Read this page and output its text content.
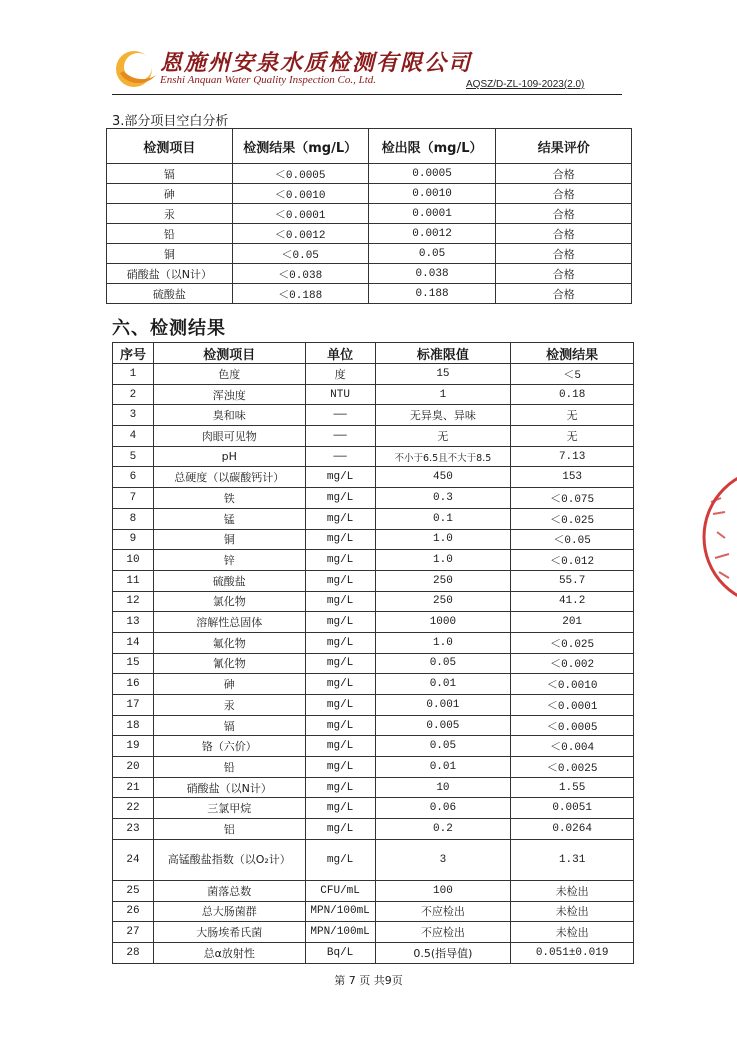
恩施州安泉水质检测有限公司
Enshi Anquan Water Quality Inspection Co., Ltd.	AQSZ/D-ZL-109-2023(2.0)
3.部分项目空白分析
检测项目	检测结果（mg/L）	检出限（mg/L）	结果评价
镉	＜0.0005	0.0005	合格
砷	＜0.0010	0.0010	合格
汞	＜0.0001	0.0001	合格
铅	＜0.0012	0.0012	合格
铜	＜0.05	0.05	合格
硝酸盐（以N计）	＜0.038	0.038	合格
硫酸盐	＜0.188	0.188	合格
六、检测结果
序号	检测项目	单位	标准限值	检测结果
1	色度	度	15	＜5
2	浑浊度	NTU	1	0.18
3	臭和味	——	无异臭、异味	无
4	肉眼可见物	——	无	无
5	pH	——	不小于6.5且不大于8.5	7.13
6	总硬度（以碳酸钙计）	mg/L	450	153
7	铁	mg/L	0.3	＜0.075
8	锰	mg/L	0.1	＜0.025
9	铜	mg/L	1.0	＜0.05
10	锌	mg/L	1.0	＜0.012
11	硫酸盐	mg/L	250	55.7
12	氯化物	mg/L	250	41.2
13	溶解性总固体	mg/L	1000	201
14	氟化物	mg/L	1.0	＜0.025
15	氰化物	mg/L	0.05	＜0.002
16	砷	mg/L	0.01	＜0.0010
17	汞	mg/L	0.001	＜0.0001
18	镉	mg/L	0.005	＜0.0005
19	铬（六价）	mg/L	0.05	＜0.004
20	铅	mg/L	0.01	＜0.0025
21	硝酸盐（以N计）	mg/L	10	1.55
22	三氯甲烷	mg/L	0.06	0.0051
23	铝	mg/L	0.2	0.0264
24	高锰酸盐指数（以O₂计）	mg/L	3	1.31
25	菌落总数	CFU/mL	100	未检出
26	总大肠菌群	MPN/100mL	不应检出	未检出
27	大肠埃希氏菌	MPN/100mL	不应检出	未检出
28	总α放射性	Bq/L	0.5(指导值)	0.051±0.019
第 7 页 共9页
